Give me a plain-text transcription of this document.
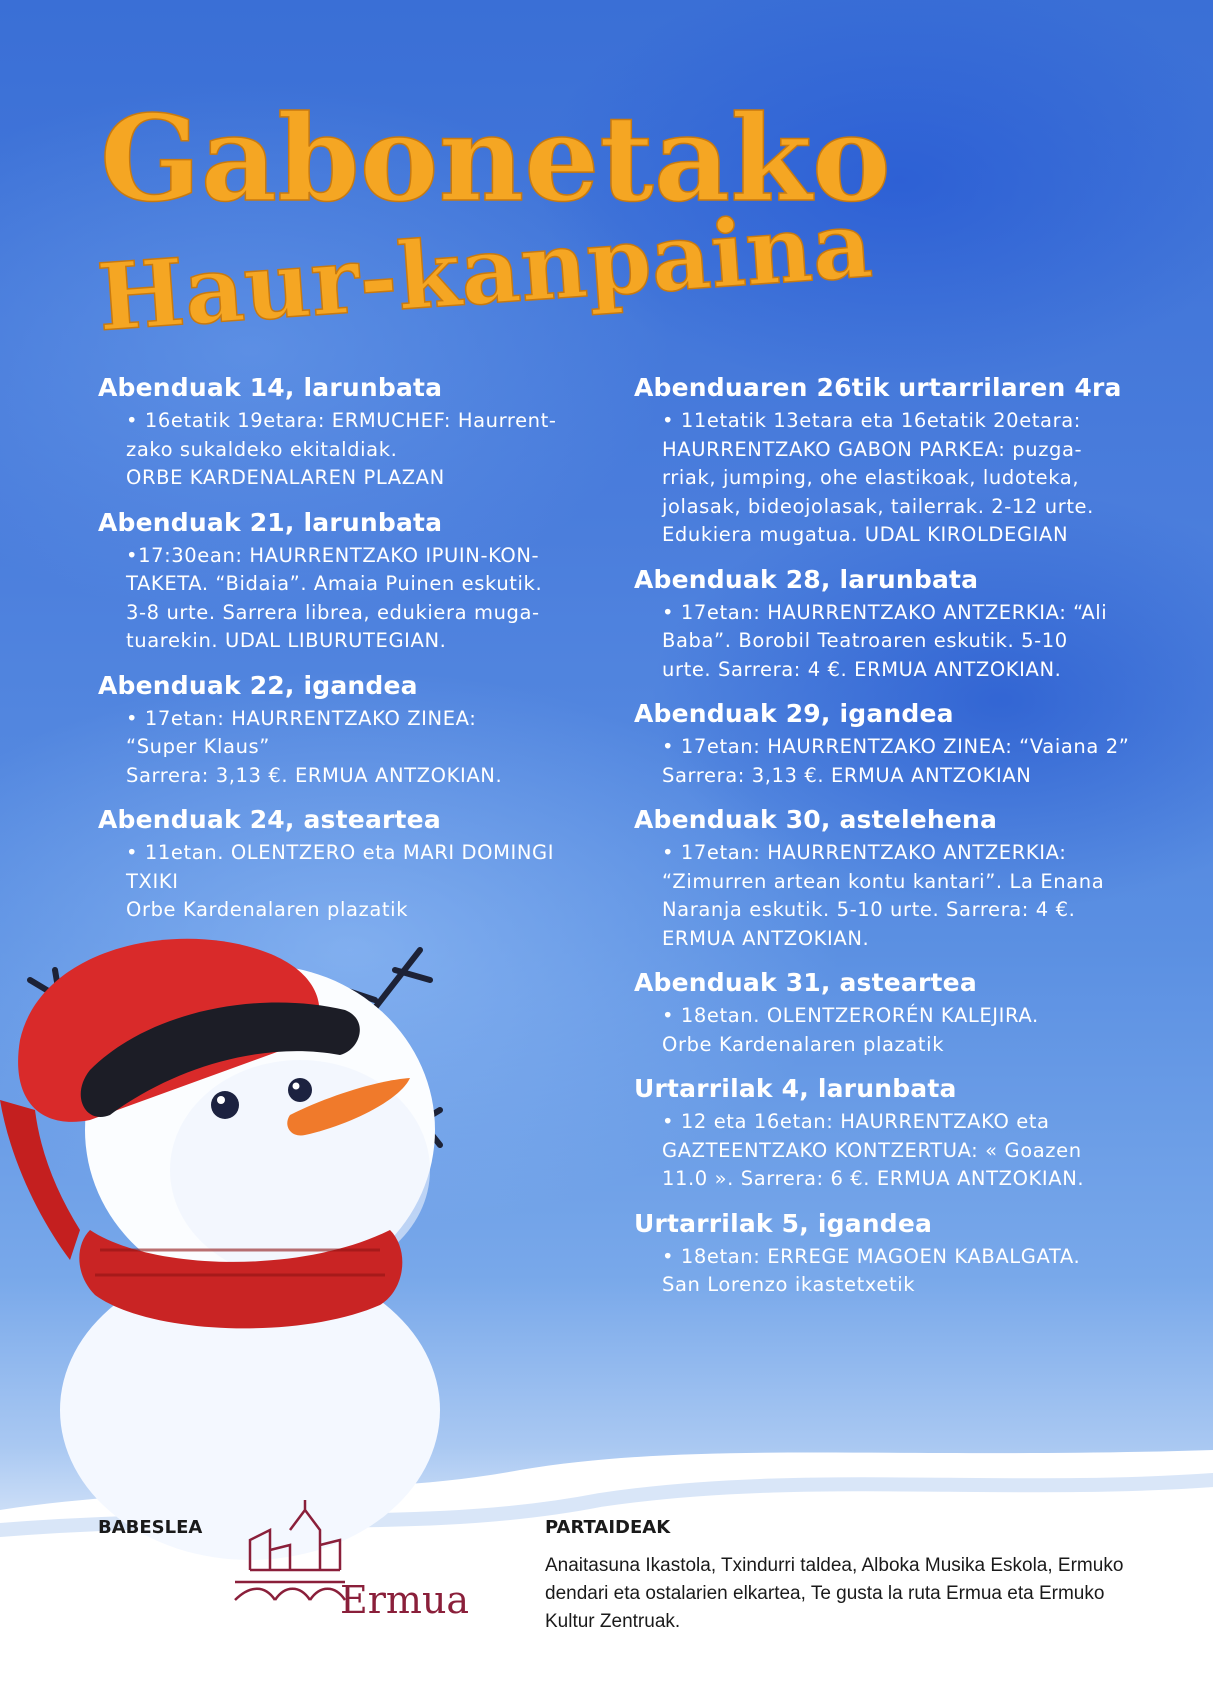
Gabonetako
Haur-kanpaina
Abenduak 14, larunbata

• 16etatik 19etara: ERMUCHEF: Haurrent-
zako sukaldeko ekitaldiak.
ORBE KARDENALAREN PLAZAN

Abenduak 21, larunbata

•17:30ean: HAURRENTZAKO IPUIN-KON-
TAKETA. “Bidaia”. Amaia Puinen eskutik.
3-8 urte. Sarrera librea, edukiera muga-
tuarekin. UDAL LIBURUTEGIAN.

Abenduak 22, igandea

• 17etan: HAURRENTZAKO ZINEA:
“Super Klaus”
Sarrera: 3,13 €. ERMUA ANTZOKIAN.

Abenduak 24, asteartea

• 11etan. OLENTZERO eta MARI DOMINGI
TXIKI
Orbe Kardenalaren plazatik

Abenduaren 26tik urtarrilaren 4ra

• 11etatik 13etara eta 16etatik 20etara:
HAURRENTZAKO GABON PARKEA: puzga-
rriak, jumping, ohe elastikoak, ludoteka,
jolasak, bideojolasak, tailerrak. 2-12 urte.
Edukiera mugatua. UDAL KIROLDEGIAN

Abenduak 28, larunbata

• 17etan: HAURRENTZAKO ANTZERKIA: “Ali
Baba”. Borobil Teatroaren eskutik. 5-10
urte. Sarrera: 4 €. ERMUA ANTZOKIAN.

Abenduak 29, igandea

• 17etan: HAURRENTZAKO ZINEA: “Vaiana 2”
Sarrera: 3,13 €. ERMUA ANTZOKIAN

Abenduak 30, astelehena

• 17etan: HAURRENTZAKO ANTZERKIA:
“Zimurren artean kontu kantari”. La Enana
Naranja eskutik. 5-10 urte. Sarrera: 4 €.
ERMUA ANTZOKIAN.

Abenduak 31, asteartea

• 18etan. OLENTZERORÉN KALEJIRA.
Orbe Kardenalaren plazatik

Urtarrilak 4, larunbata

• 12 eta 16etan: HAURRENTZAKO eta
GAZTEENTZAKO KONTZERTUA: « Goazen
11.0 ». Sarrera: 6 €. ERMUA ANTZOKIAN.

Urtarrilak 5, igandea

• 18etan: ERREGE MAGOEN KABALGATA.
San Lorenzo ikastetxetik

BABESLEA
Ermua
PARTAIDEAK
Anaitasuna Ikastola, Txindurri taldea, Alboka Musika Eskola, Ermuko dendari eta ostalarien elkartea, Te gusta la ruta Ermua eta Ermuko Kultur Zentruak.
